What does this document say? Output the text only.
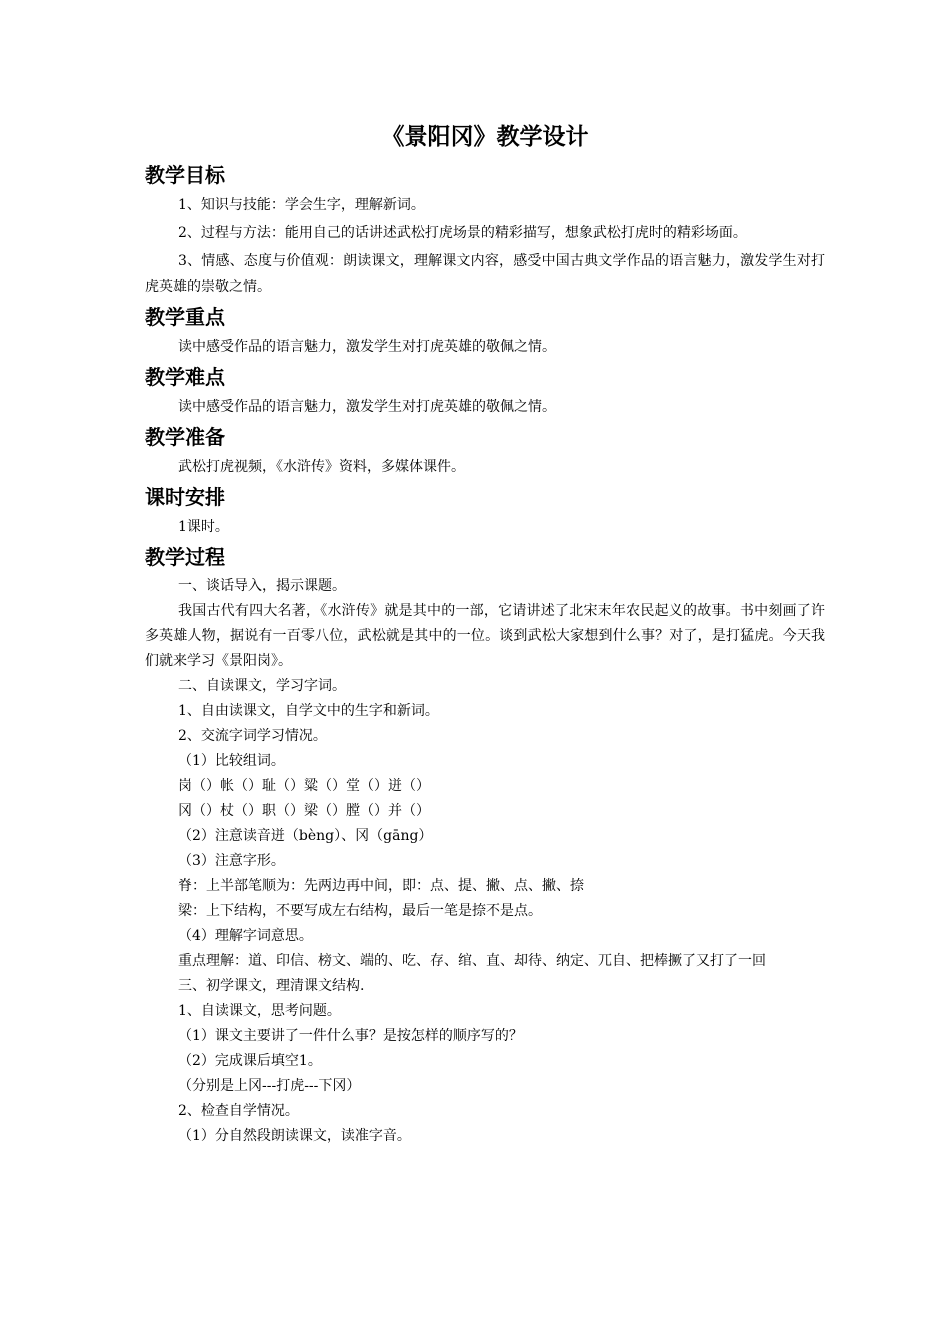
《景阳冈》教学设计
教学目标
1、知识与技能：学会生字，理解新词。
2、过程与方法：能用自己的话讲述武松打虎场景的精彩描写，想象武松打虎时的精彩场面。
3、情感、态度与价值观：朗读课文，理解课文内容，感受中国古典文学作品的语言魅力，激发学生对打虎英雄的崇敬之情。
教学重点
读中感受作品的语言魅力，激发学生对打虎英雄的敬佩之情。
教学难点
读中感受作品的语言魅力，激发学生对打虎英雄的敬佩之情。
教学准备
武松打虎视频，《水浒传》资料，多媒体课件。
课时安排
1课时。
教学过程
一、谈话导入，揭示课题。
我国古代有四大名著，《水浒传》就是其中的一部，它请讲述了北宋末年农民起义的故事。书中刻画了许多英雄人物，据说有一百零八位，武松就是其中的一位。谈到武松大家想到什么事？对了，是打猛虎。今天我们就来学习《景阳岗》。
二、自读课文，学习字词。
1、自由读课文，自学文中的生字和新词。
2、交流字词学习情况。
（1）比较组词。
岗（）帐（）耻（）粱（）堂（）迸（）
冈（）杖（）职（）梁（）膛（）并（）
（2）注意读音迸（bèng）、冈（gāng）
（3）注意字形。
脊：上半部笔顺为：先两边再中间，即：点、提、撇、点、撇、捺
梁：上下结构，不要写成左右结构，最后一笔是捺不是点。
（4）理解字词意思。
重点理解：道、印信、榜文、端的、吃、存、绾、直、却待、纳定、兀自、把棒撅了又打了一回
三、初学课文，理清课文结构.
1、自读课文，思考问题。
（1）课文主要讲了一件什么事？是按怎样的顺序写的？
（2）完成课后填空1。
（分别是上冈---打虎---下冈）
2、检查自学情况。
（1）分自然段朗读课文，读准字音。
